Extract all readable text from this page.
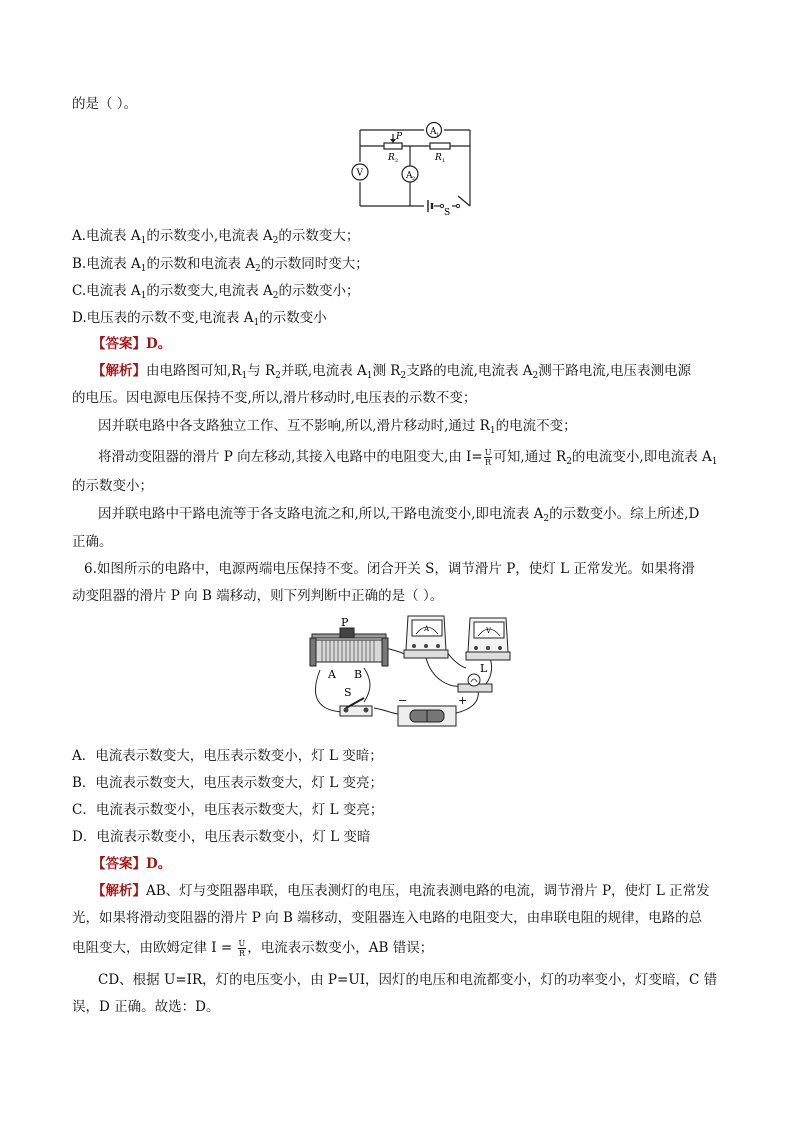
的是（ ）。
A 1
V	A 2
P
R 2	R 1
S
A.电流表 $A_1$的示数变小,电流表 $A_2$的示数变大；
B.电流表 $A_1$的示数和电流表 $A_2$的示数同时变大；
C.电流表 $A_1$的示数变大,电流表 $A_2$的示数变小；
D.电压表的示数不变,电流表 $A_1$的示数变小
【答案】D。
【解析】由电路图可知$,R_1$与 $R_2$并联,电流表 $A_1$测 $R_2$支路的电流,电流表 $A_2$测干路电流,电压表测电源
的电压。因电源电压保持不变,所以,滑片移动时,电压表的示数不变；
因并联电路中各支路独立工作、互不影响,所以,滑片移动时,通过 $R_1$的电流不变；
将滑动变阻器的滑片 P 向左移动,其接入电路中的电阻变大,由 $I= \frac{U}{R}$ 可知,通过 $R_2$的电流变小,即电流表 $A_1$
的示数变小；
因并联电路中干路电流等于各支路电流之和,所以,干路电流变小,即电流表 $A_2$的示数变小。综上所述,D
正确。
6.如图所示的电路中，电源两端电压保持不变。闭合开关 S，调节滑片 P，使灯 L 正常发光。如果将滑
动变阻器的滑片 P 向 B 端移动，则下列判断中正确的是（ ）。
P
A B
S
−	+
A	V
L
A．电流表示数变大，电压表示数变小，灯 L 变暗；
B．电流表示数变大，电压表示数变大，灯 L 变亮；
C．电流表示数变小，电压表示数变大，灯 L 变亮；
D．电流表示数变小，电压表示数变小，灯 L 变暗
【答案】D。
【解析】AB、灯与变阻器串联，电压表测灯的电压，电流表测电路的电流，调节滑片 P，使灯 L 正常发
光，如果将滑动变阻器的滑片 P 向 B 端移动，变阻器连入电路的电阻变大，由串联电阻的规律，电路的总
电阻变大，由欧姆定律 $I = \frac{U}{R}$ ，电流表示数变小，AB 错误；
CD、根据 U=IR，灯的电压变小，由 P=UI，因灯的电压和电流都变小，灯的功率变小，灯变暗，C 错
误，D 正确。故选：D。
